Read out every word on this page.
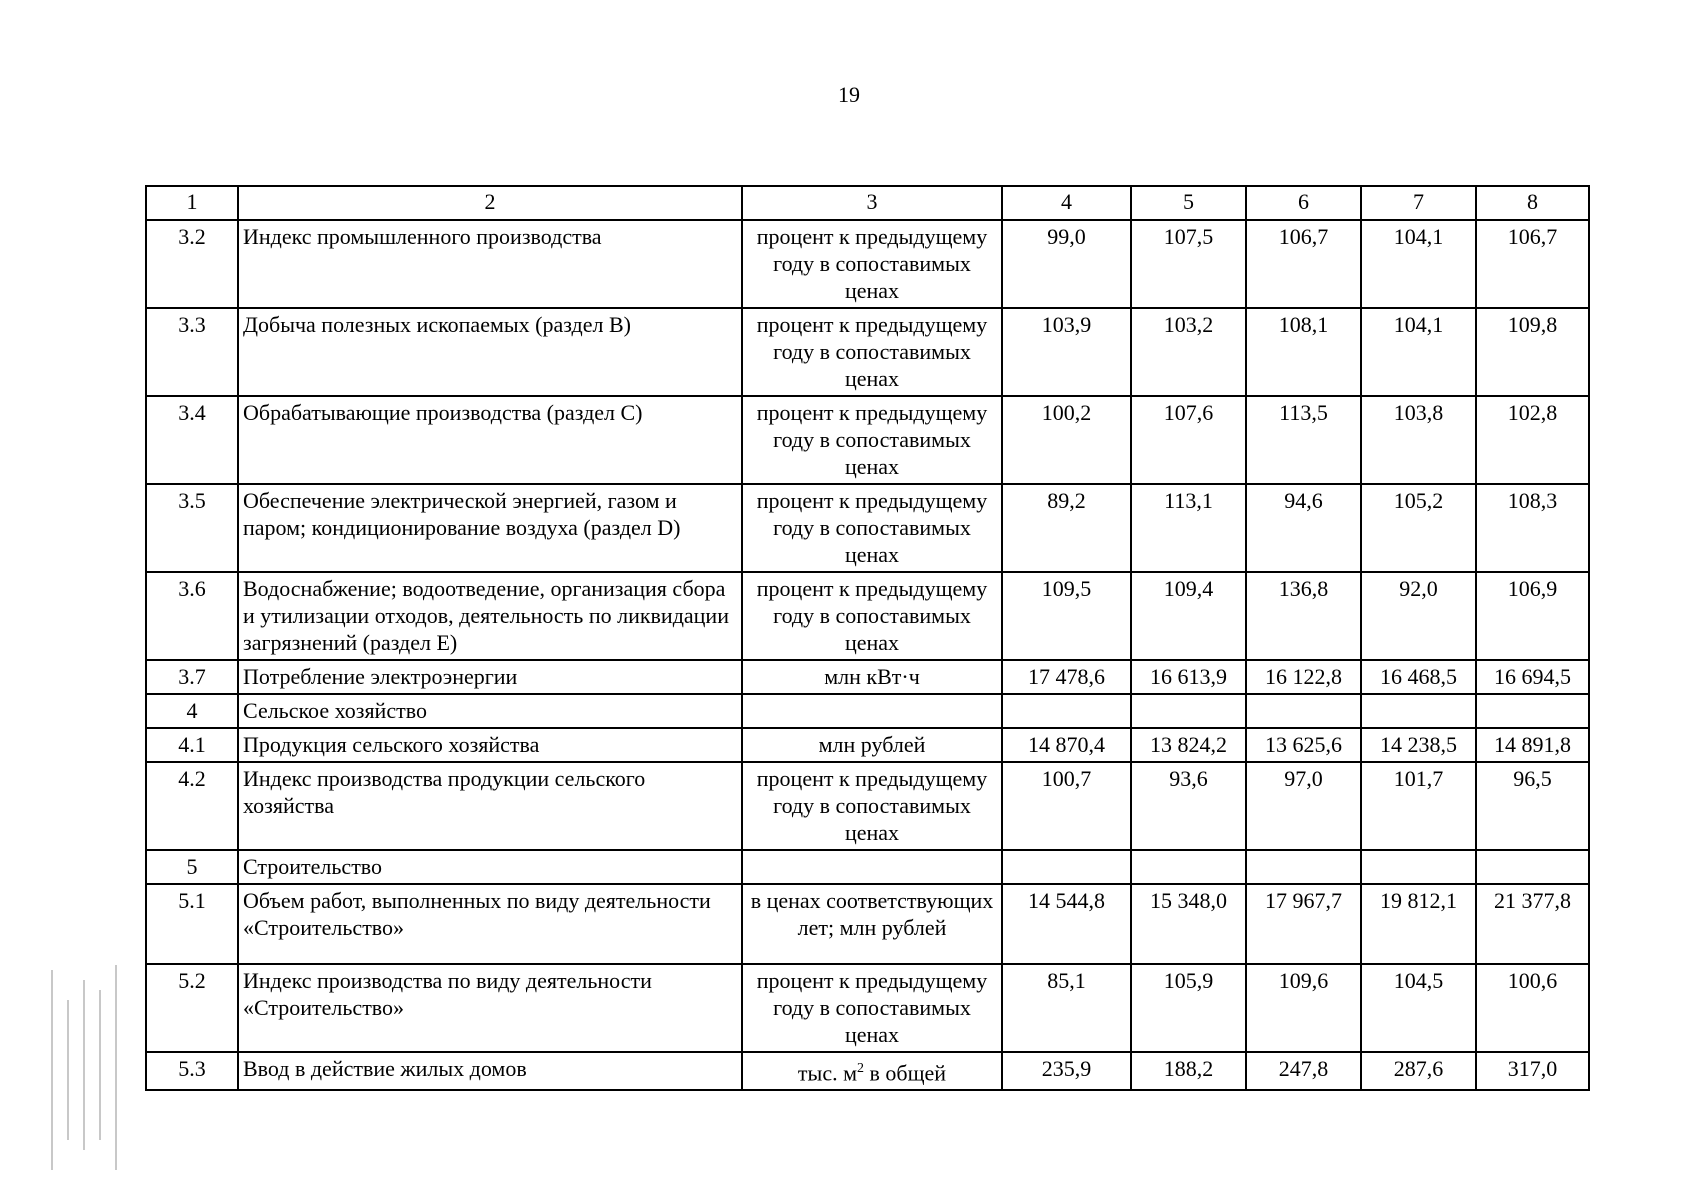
19
1	2	3	4	5	6	7	8
3.2	Индекс промышленного производства	процент к предыдущему году в сопоставимых ценах	99,0	107,5	106,7	104,1	106,7
3.3	Добыча полезных ископаемых (раздел В)	процент к предыдущему году в сопоставимых ценах	103,9	103,2	108,1	104,1	109,8
3.4	Обрабатывающие производства (раздел С)	процент к предыдущему году в сопоставимых ценах	100,2	107,6	113,5	103,8	102,8
3.5	Обеспечение электрической энергией, газом и паром; кондиционирование воздуха (раздел D)	процент к предыдущему году в сопоставимых ценах	89,2	113,1	94,6	105,2	108,3
3.6	Водоснабжение; водоотведение, организация сбора и утилизации отходов, деятельность по ликвидации загрязнений (раздел Е)	процент к предыдущему году в сопоставимых ценах	109,5	109,4	136,8	92,0	106,9
3.7	Потребление электроэнергии	млн кВт·ч	17 478,6	16 613,9	16 122,8	16 468,5	16 694,5
4	Сельское хозяйство						
4.1	Продукция сельского хозяйства	млн рублей	14 870,4	13 824,2	13 625,6	14 238,5	14 891,8
4.2	Индекс производства продукции сельского хозяйства	процент к предыдущему году в сопоставимых ценах	100,7	93,6	97,0	101,7	96,5
5	Строительство						
5.1	Объем работ, выполненных по виду деятельности «Строительство»	в ценах соответствующих лет; млн рублей	14 544,8	15 348,0	17 967,7	19 812,1	21 377,8
5.2	Индекс производства по виду деятельности «Строительство»	процент к предыдущему году в сопоставимых ценах	85,1	105,9	109,6	104,5	100,6
5.3	Ввод в действие жилых домов	тыс. $м^2$ в общей	235,9	188,2	247,8	287,6	317,0
